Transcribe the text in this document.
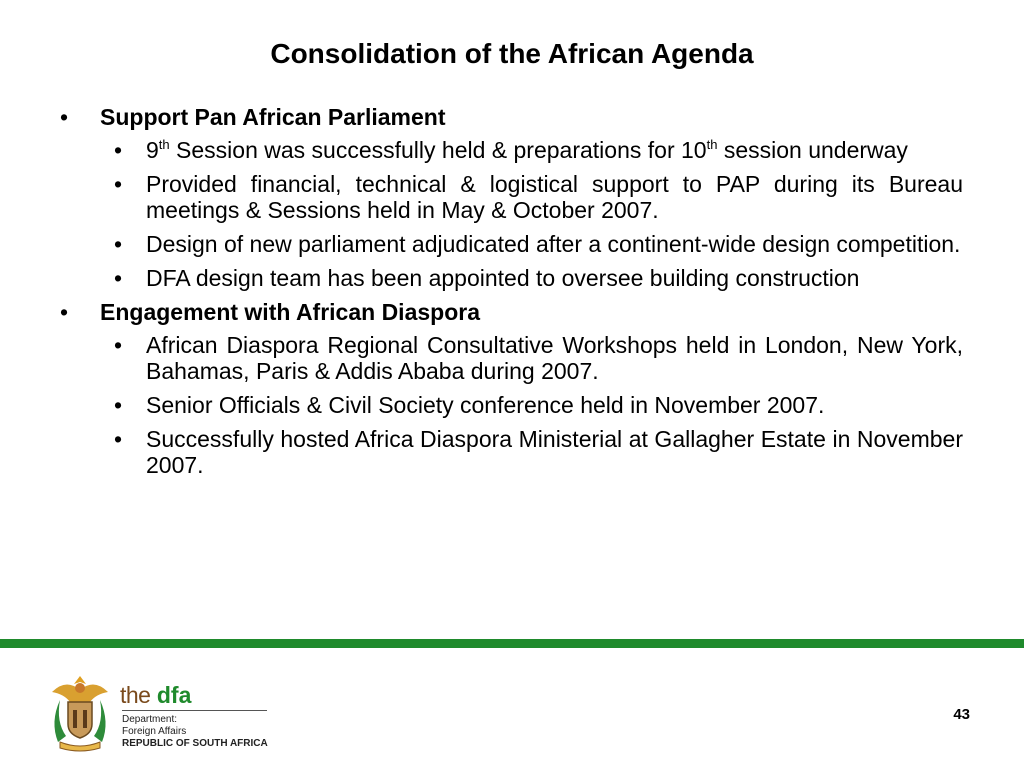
Consolidation of the African Agenda
• Support Pan African Parliament
• 9th Session was successfully held & preparations for 10th session underway
• Provided financial, technical & logistical support to PAP during its Bureau meetings & Sessions held in May & October 2007.
• Design of new parliament adjudicated after a continent-wide design competition.
• DFA design team has been appointed to oversee building construction
• Engagement with African Diaspora
• African Diaspora Regional Consultative Workshops held in London, New York, Bahamas, Paris & Addis Ababa during 2007.
• Senior Officials & Civil Society conference held in November 2007.
• Successfully hosted Africa Diaspora Ministerial at Gallagher Estate in November 2007.
the dfa
Department:
Foreign Affairs
REPUBLIC OF SOUTH AFRICA
43
